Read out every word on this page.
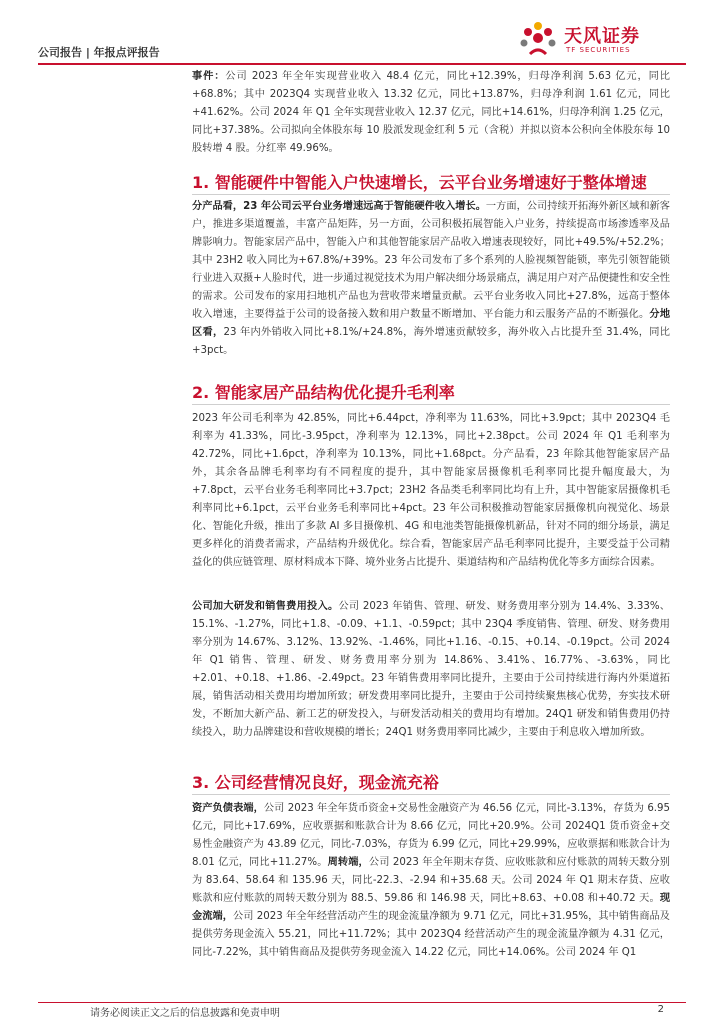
公司报告 | 年报点评报告
天风证券
TF SECURITIES

事件：公司 2023 年全年实现营业收入 48.4 亿元，同比+12.39%，归母净利润 5.63 亿元，同比+68.8%；其中 2023Q4 实现营业收入 13.32 亿元，同比+13.87%，归母净利润 1.61 亿元，同比+41.62%。公司 2024 年 Q1 全年实现营业收入 12.37 亿元，同比+14.61%，归母净利润 1.25 亿元，同比+37.38%。公司拟向全体股东每 10 股派发现金红利 5 元（含税）并拟以资本公积向全体股东每 10 股转增 4 股。分红率 49.96%。

1. 智能硬件中智能入户快速增长，云平台业务增速好于整体增速

分产品看，23 年公司云平台业务增速远高于智能硬件收入增长。一方面，公司持续开拓海外新区域和新客户，推进多渠道覆盖，丰富产品矩阵，另一方面，公司积极拓展智能入户业务，持续提高市场渗透率及品牌影响力。智能家居产品中，智能入户和其他智能家居产品收入增速表现较好，同比+49.5%/+52.2%；其中 23H2 收入同比为+67.8%/+39%。23 年公司发布了多个系列的人脸视频智能锁，率先引领智能锁行业进入双摄+人脸时代，进一步通过视觉技术为用户解决细分场景痛点，满足用户对产品便捷性和安全性的需求。公司发布的家用扫地机产品也为营收带来增量贡献。云平台业务收入同比+27.8%，远高于整体收入增速，主要得益于公司的设备接入数和用户数量不断增加、平台能力和云服务产品的不断强化。分地区看，23 年内外销收入同比+8.1%/+24.8%，海外增速贡献较多，海外收入占比提升至 31.4%，同比+3pct。

2. 智能家居产品结构优化提升毛利率

2023 年公司毛利率为 42.85%，同比+6.44pct，净利率为 11.63%，同比+3.9pct；其中 2023Q4 毛利率为 41.33%，同比-3.95pct，净利率为 12.13%，同比+2.38pct。公司 2024 年 Q1 毛利率为 42.72%，同比+1.6pct，净利率为 10.13%，同比+1.68pct。分产品看，23 年除其他智能家居产品外，其余各品牌毛利率均有不同程度的提升，其中智能家居摄像机毛利率同比提升幅度最大，为+7.8pct，云平台业务毛利率同比+3.7pct；23H2 各品类毛利率同比均有上升，其中智能家居摄像机毛利率同比+6.1pct，云平台业务毛利率同比+4pct。23 年公司积极推动智能家居摄像机向视觉化、场景化、智能化升级，推出了多款 AI 多目摄像机、4G 和电池类智能摄像机新品，针对不同的细分场景，满足更多样化的消费者需求，产品结构升级优化。综合看，智能家居产品毛利率同比提升，主要受益于公司精益化的供应链管理、原材料成本下降、境外业务占比提升、渠道结构和产品结构优化等多方面综合因素。

公司加大研发和销售费用投入。公司 2023 年销售、管理、研发、财务费用率分别为 14.4%、3.33%、15.1%、-1.27%，同比+1.8、-0.09、+1.1、-0.59pct；其中 23Q4 季度销售、管理、研发、财务费用率分别为 14.67%、3.12%、13.92%、-1.46%，同比+1.16、-0.15、+0.14、-0.19pct。公司 2024 年 Q1 销售、管理、研发、财务费用率分别为 14.86%、3.41%、16.77%、-3.63%，同比+2.01、+0.18、+1.86、-2.49pct。23 年销售费用率同比提升，主要由于公司持续进行海内外渠道拓展，销售活动相关费用均增加所致；研发费用率同比提升，主要由于公司持续聚焦核心优势，夯实技术研发，不断加大新产品、新工艺的研发投入，与研发活动相关的费用均有增加。24Q1 研发和销售费用仍持续投入，助力品牌建设和营收规模的增长；24Q1 财务费用率同比减少，主要由于利息收入增加所致。

3. 公司经营情况良好，现金流充裕

资产负债表端，公司 2023 年全年货币资金+交易性金融资产为 46.56 亿元，同比-3.13%，存货为 6.95 亿元，同比+17.69%，应收票据和账款合计为 8.66 亿元，同比+20.9%。公司 2024Q1 货币资金+交易性金融资产为 43.89 亿元，同比-7.03%，存货为 6.99 亿元，同比+29.99%，应收票据和账款合计为 8.01 亿元，同比+11.27%。周转端，公司 2023 年全年期末存货、应收账款和应付账款的周转天数分别为 83.64、58.64 和 135.96 天，同比-22.3、-2.94 和+35.68 天。公司 2024 年 Q1 期末存货、应收账款和应付账款的周转天数分别为 88.5、59.86 和 146.98 天，同比+8.63、+0.08 和+40.72 天。现金流端，公司 2023 年全年经营活动产生的现金流量净额为 9.71 亿元，同比+31.95%，其中销售商品及提供劳务现金流入 55.21，同比+11.72%；其中 2023Q4 经营活动产生的现金流量净额为 4.31 亿元，同比-7.22%，其中销售商品及提供劳务现金流入 14.22 亿元，同比+14.06%。公司 2024 年 Q1

请务必阅读正文之后的信息披露和免责申明	2
